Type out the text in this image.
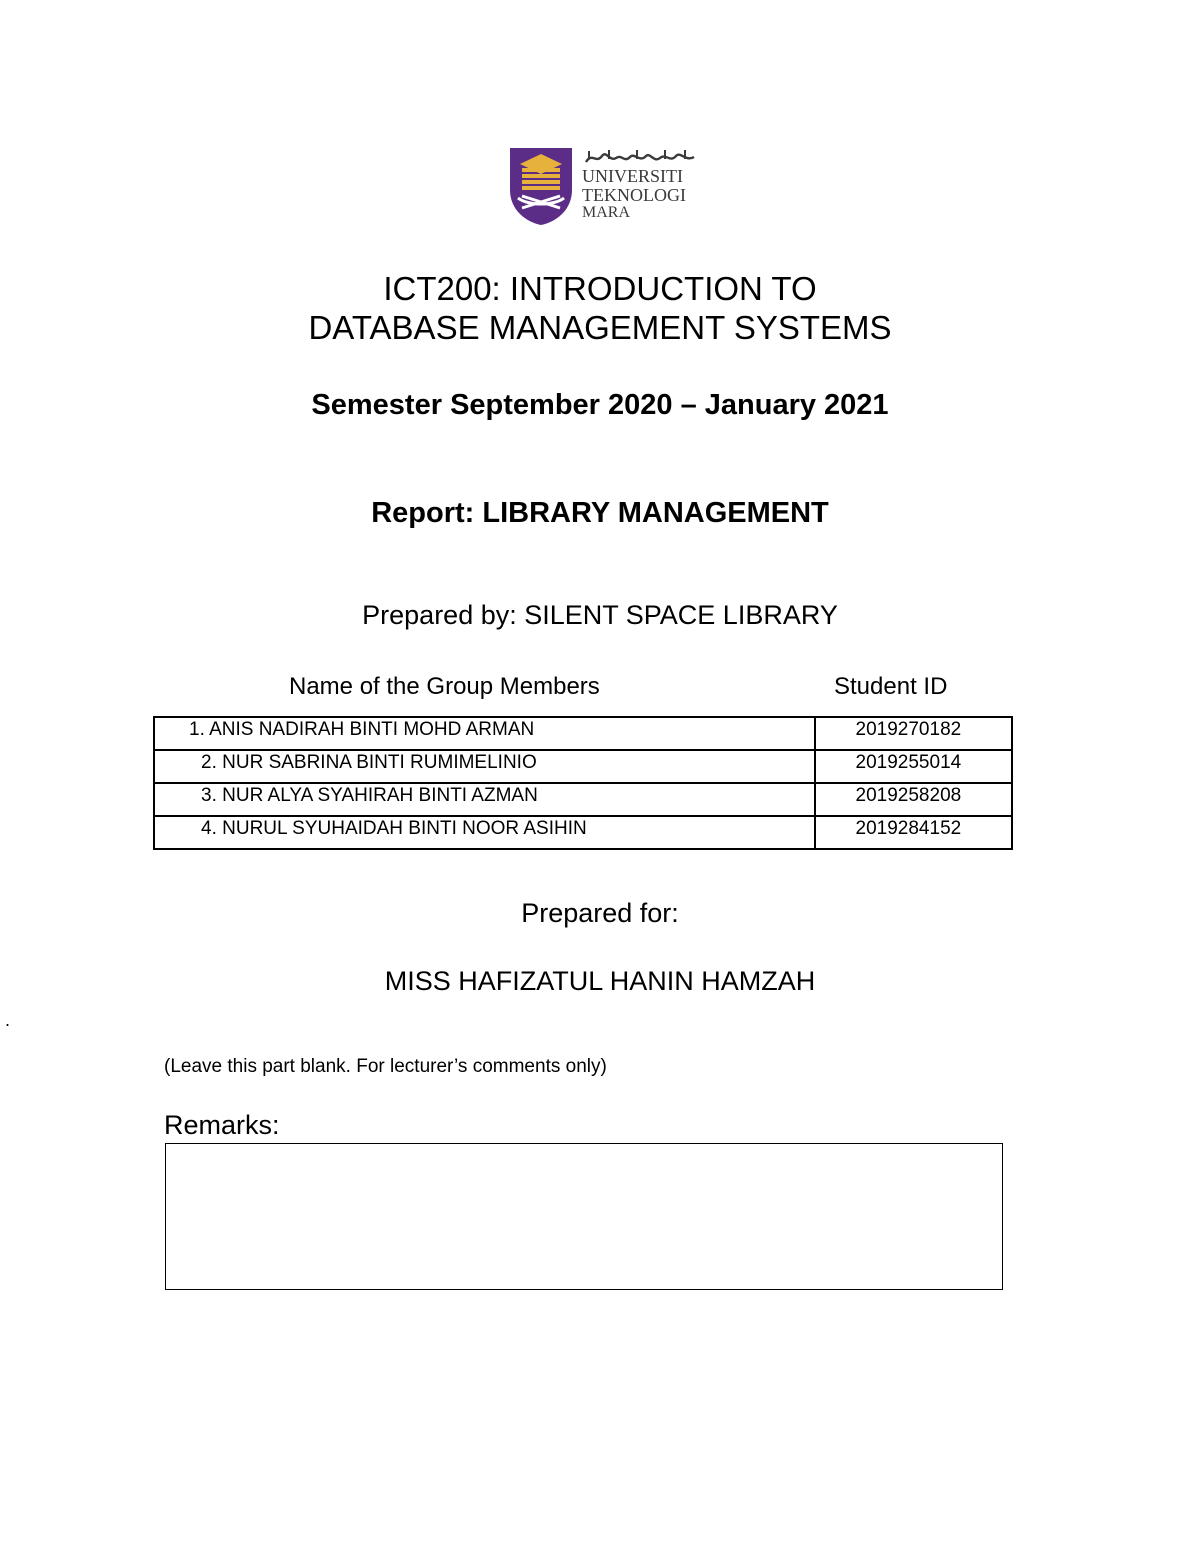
UNIVERSITI
TEKNOLOGI
MARA
ICT200: INTRODUCTION TO
DATABASE MANAGEMENT SYSTEMS
Semester September 2020 – January 2021
Report: LIBRARY MANAGEMENT
Prepared by: SILENT SPACE LIBRARY
Name of the Group Members	Student ID
1. ANIS NADIRAH BINTI MOHD ARMAN	2019270182

2. NUR SABRINA BINTI RUMIMELINIO	2019255014

3. NUR ALYA SYAHIRAH BINTI AZMAN	2019258208

4. NURUL SYUHAIDAH BINTI NOOR ASIHIN	2019284152
Prepared for:
MISS HAFIZATUL HANIN HAMZAH
.
(Leave this part blank. For lecturer’s comments only)
Remarks:
